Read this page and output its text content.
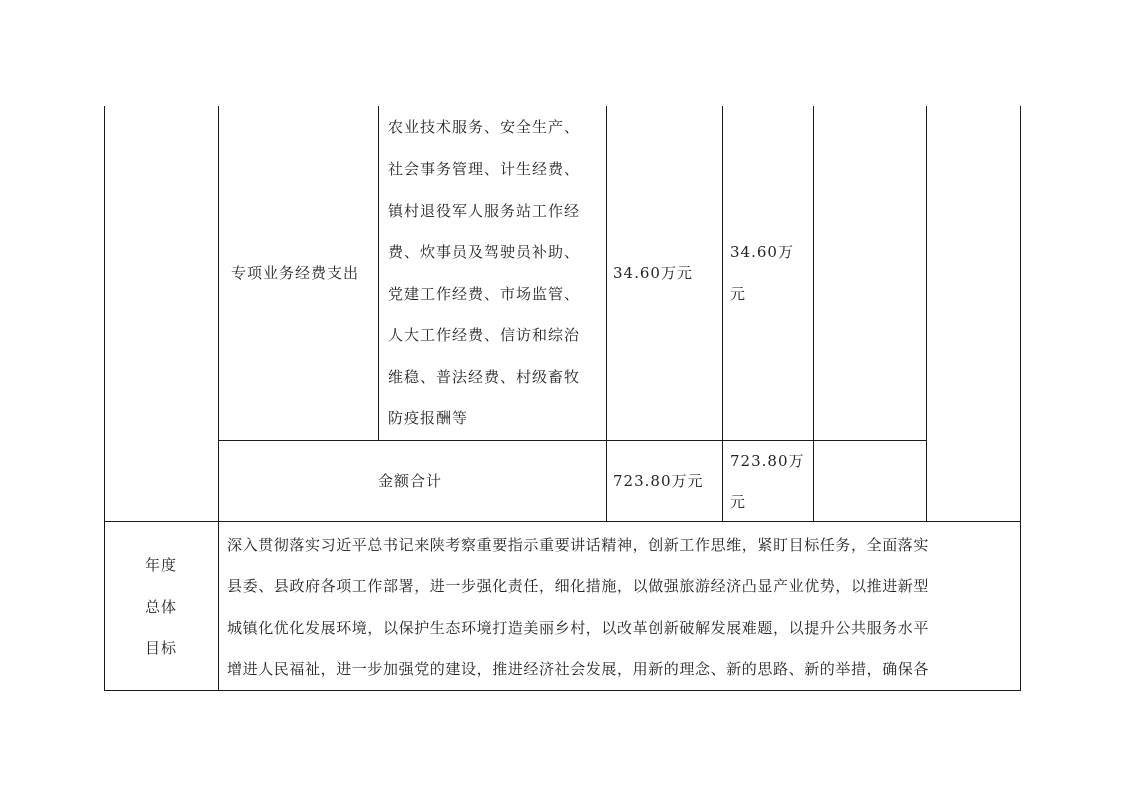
专项业务经费支出
农业技术服务、安全生产、
社会事务管理、计生经费、
镇村退役军人服务站工作经
费、炊事员及驾驶员补助、
党建工作经费、市场监管、
人大工作经费、信访和综治
维稳、普法经费、村级畜牧
防疫报酬等
34.60万元
34.60万
元
金额合计	723.80万元
723.80万
元
年度
总体
目标
深入贯彻落实习近平总书记来陕考察重要指示重要讲话精神，创新工作思维，紧盯目标任务，全面落实
县委、县政府各项工作部署，进一步强化责任，细化措施，以做强旅游经济凸显产业优势，以推进新型
城镇化优化发展环境，以保护生态环境打造美丽乡村，以改革创新破解发展难题，以提升公共服务水平
增进人民福祉，进一步加强党的建设，推进经济社会发展，用新的理念、新的思路、新的举措，确保各
